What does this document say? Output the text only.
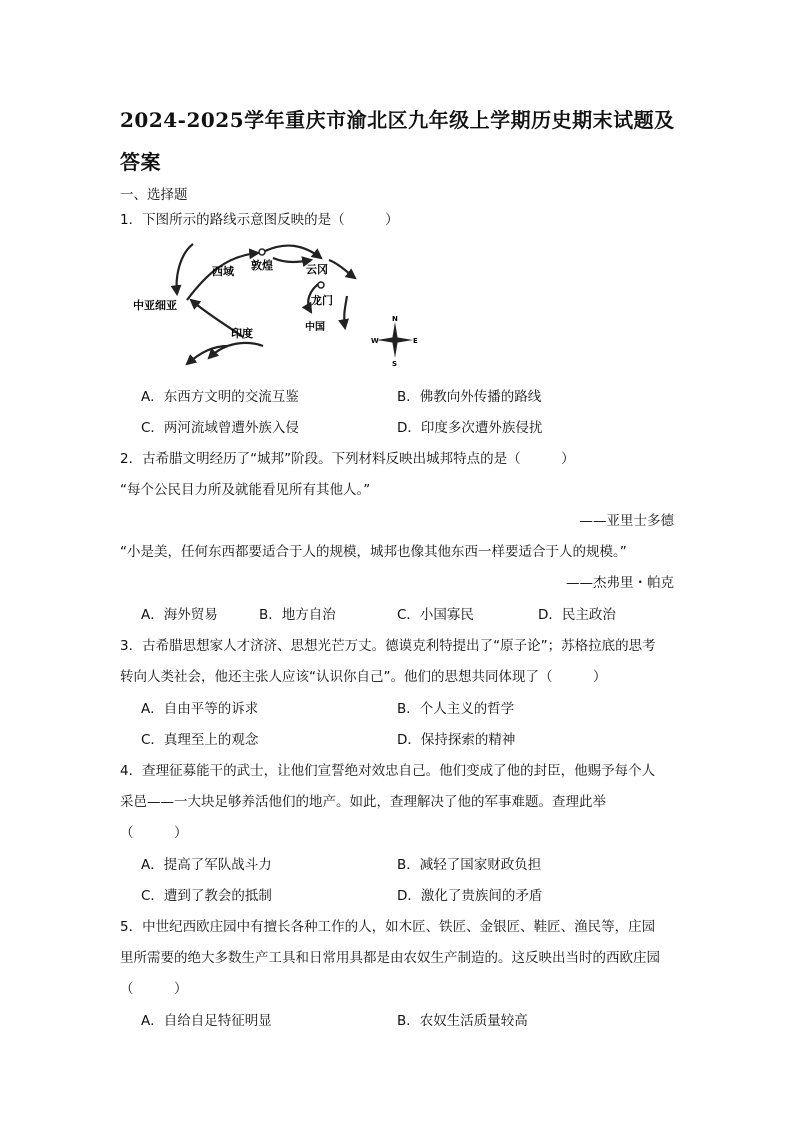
2024-2025学年重庆市渝北区九年级上学期历史期末试题及
答案
一、选择题
1．下图所示的路线示意图反映的是（　　　）
西域 敦煌	云冈
龙门
中国
中亚细亚
印度
N
S
W	E
A．东西方文明的交流互鉴	B．佛教向外传播的路线
C．两河流域曾遭外族入侵	D．印度多次遭外族侵扰
2．古希腊文明经历了“城邦”阶段。下列材料反映出城邦特点的是（　　　）
“每个公民目力所及就能看见所有其他人。”
——亚里士多德
“小是美，任何东西都要适合于人的规模，城邦也像其他东西一样要适合于人的规模。”
——杰弗里・帕克
A．海外贸易	B．地方自治	C．小国寡民	D．民主政治
3．古希腊思想家人才济济、思想光芒万丈。德谟克利特提出了“原子论”；苏格拉底的思考
转向人类社会，他还主张人应该“认识你自己”。他们的思想共同体现了（　　　）
A．自由平等的诉求	B．个人主义的哲学
C．真理至上的观念	D．保持探索的精神
4．查理征募能干的武士，让他们宣誓绝对效忠自己。他们变成了他的封臣，他赐予每个人
采邑——一大块足够养活他们的地产。如此，查理解决了他的军事难题。查理此举
（　　　）
A．提高了军队战斗力	B．减轻了国家财政负担
C．遭到了教会的抵制	D．激化了贵族间的矛盾
5．中世纪西欧庄园中有擅长各种工作的人，如木匠、铁匠、金银匠、鞋匠、渔民等，庄园
里所需要的绝大多数生产工具和日常用具都是由农奴生产制造的。这反映出当时的西欧庄园
（　　　）
A．自给自足特征明显	B．农奴生活质量较高
